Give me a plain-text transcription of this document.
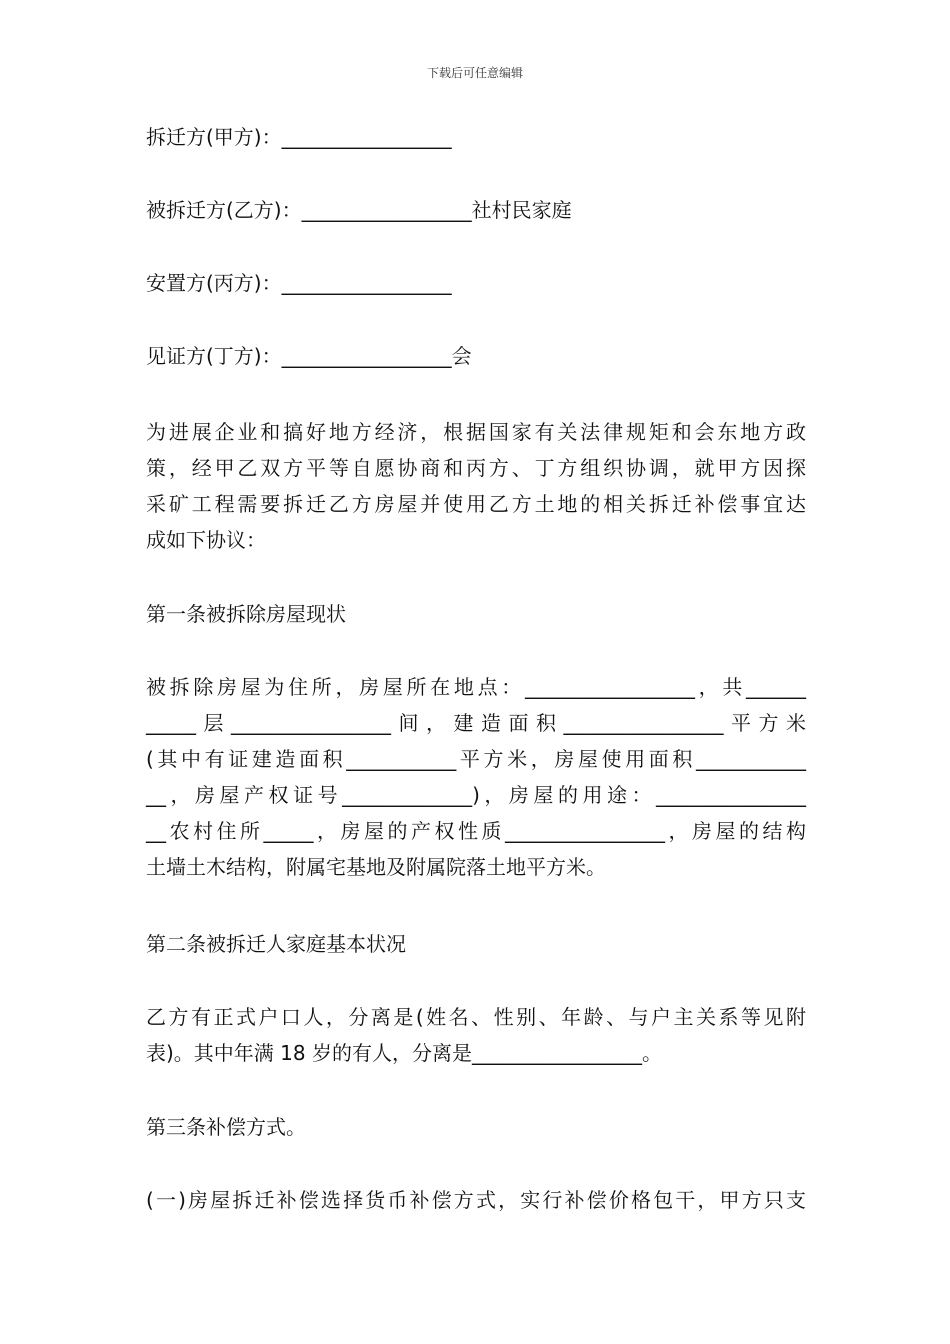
下载后可任意编辑
拆迁方(甲方)：_________________
被拆迁方(乙方)：_________________社村民家庭
安置方(丙方)：_________________
见证方(丁方)：_________________会
为进展企业和搞好地方经济，根据国家有关法律规矩和会东地方政
策，经甲乙双方平等自愿协商和丙方、丁方组织协调，就甲方因探
采矿工程需要拆迁乙方房屋并使用乙方土地的相关拆迁补偿事宜达
成如下协议：
第一条被拆除房屋现状
被拆除房屋为住所，房屋所在地点：_________________，共______
_____层________________间，建造面积________________平方米
(其中有证建造面积___________平方米，房屋使用面积___________
__，房屋产权证号_____________)，房屋的用途：_______________
__农村住所_____，房屋的产权性质________________，房屋的结构
土墙土木结构，附属宅基地及附属院落土地平方米。
第二条被拆迁人家庭基本状况
乙方有正式户口人，分离是(姓名、性别、年龄、与户主关系等见附
表)。其中年满 18 岁的有人，分离是_________________。
第三条补偿方式。
(一)房屋拆迁补偿选择货币补偿方式，实行补偿价格包干，甲方只支
